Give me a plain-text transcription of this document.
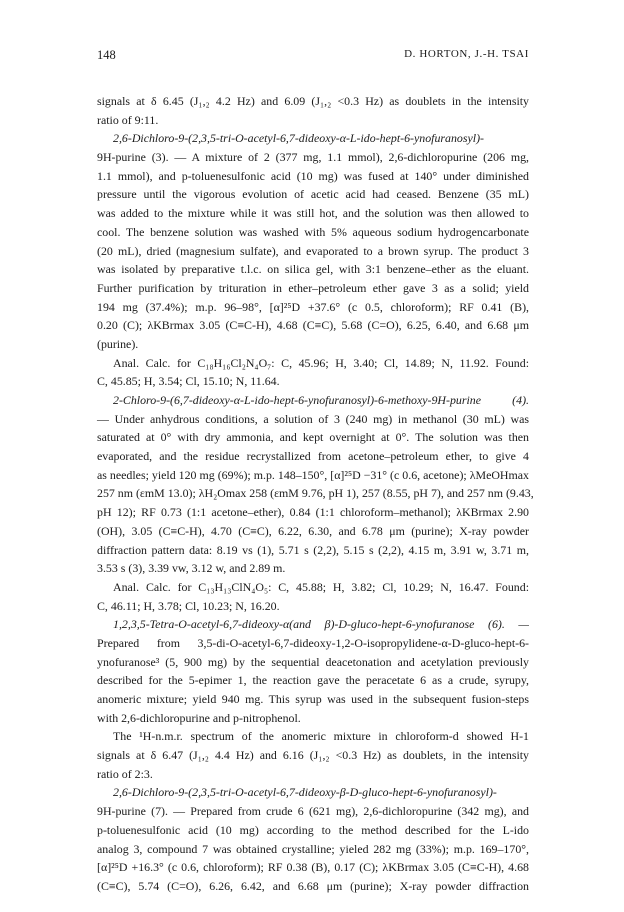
148	D. HORTON, J.-H. TSAI
signals at δ 6.45 (J₁,₂ 4.2 Hz) and 6.09 (J₁,₂ <0.3 Hz) as doublets in the intensity
ratio of 9:11.
2,6-Dichloro-9-(2,3,5-tri-O-acetyl-6,7-dideoxy-α-L-ido-hept-6-ynofuranosyl)-
9H-purine (3). — A mixture of 2 (377 mg, 1.1 mmol), 2,6-dichloropurine (206 mg,
1.1 mmol), and p-toluenesulfonic acid (10 mg) was fused at 140° under diminished
pressure until the vigorous evolution of acetic acid had ceased. Benzene (35 mL)
was added to the mixture while it was still hot, and the solution was then allowed to
cool. The benzene solution was washed with 5% aqueous sodium hydrogencarbonate
(20 mL), dried (magnesium sulfate), and evaporated to a brown syrup. The product 3
was isolated by preparative t.l.c. on silica gel, with 3:1 benzene–ether as the eluant.
Further purification by trituration in ether–petroleum ether gave 3 as a solid; yield
194 mg (37.4%); m.p. 96–98°, [α]²⁵D +37.6° (c 0.5, chloroform); RF 0.41 (B),
0.20 (C); λKBrmax 3.05 (C≡C-H), 4.68 (C≡C), 5.68 (C=O), 6.25, 6.40, and 6.68 μm
(purine).
Anal. Calc. for C₁₈H₁₆Cl₂N₄O₇: C, 45.96; H, 3.40; Cl, 14.89; N, 11.92. Found:
C, 45.85; H, 3.54; Cl, 15.10; N, 11.64.
2-Chloro-9-(6,7-dideoxy-α-L-ido-hept-6-ynofuranosyl)-6-methoxy-9H-purine (4).
— Under anhydrous conditions, a solution of 3 (240 mg) in methanol (30 mL) was
saturated at 0° with dry ammonia, and kept overnight at 0°. The solution was then
evaporated, and the residue recrystallized from acetone–petroleum ether, to give 4
as needles; yield 120 mg (69%); m.p. 148–150°, [α]²⁵D −31° (c 0.6, acetone); λMeOHmax
257 nm (εmM 13.0); λH₂Omax 258 (εmM 9.76, pH 1), 257 (8.55, pH 7), and 257 nm (9.43,
pH 12); RF 0.73 (1:1 acetone–ether), 0.84 (1:1 chloroform–methanol); λKBrmax 2.90
(OH), 3.05 (C≡C-H), 4.70 (C≡C), 6.22, 6.30, and 6.78 μm (purine); X-ray powder
diffraction pattern data: 8.19 vs (1), 5.71 s (2,2), 5.15 s (2,2), 4.15 m, 3.91 w, 3.71 m,
3.53 s (3), 3.39 vw, 3.12 w, and 2.89 m.
Anal. Calc. for C₁₃H₁₃ClN₄O₅: C, 45.88; H, 3.82; Cl, 10.29; N, 16.47. Found:
C, 46.11; H, 3.78; Cl, 10.23; N, 16.20.
1,2,3,5-Tetra-O-acetyl-6,7-dideoxy-α(and β)-D-gluco-hept-6-ynofuranose (6). —
Prepared from 3,5-di-O-acetyl-6,7-dideoxy-1,2-O-isopropylidene-α-D-gluco-hept-6-
ynofuranose³ (5, 900 mg) by the sequential deacetonation and acetylation previously
described for the 5-epimer 1, the reaction gave the peracetate 6 as a crude, syrupy,
anomeric mixture; yield 940 mg. This syrup was used in the subsequent fusion-steps
with 2,6-dichloropurine and p-nitrophenol.
The ¹H-n.m.r. spectrum of the anomeric mixture in chloroform-d showed H-1
signals at δ 6.47 (J₁,₂ 4.4 Hz) and 6.16 (J₁,₂ <0.3 Hz) as doublets, in the intensity
ratio of 2:3.
2,6-Dichloro-9-(2,3,5-tri-O-acetyl-6,7-dideoxy-β-D-gluco-hept-6-ynofuranosyl)-
9H-purine (7). — Prepared from crude 6 (621 mg), 2,6-dichloropurine (342 mg), and
p-toluenesulfonic acid (10 mg) according to the method described for the L-ido
analog 3, compound 7 was obtained crystalline; yieled 282 mg (33%); m.p. 169–170°,
[α]²⁵D +16.3° (c 0.6, chloroform); RF 0.38 (B), 0.17 (C); λKBrmax 3.05 (C≡C-H), 4.68
(C≡C), 5.74 (C=O), 6.26, 6.42, and 6.68 μm (purine); X-ray powder diffraction
